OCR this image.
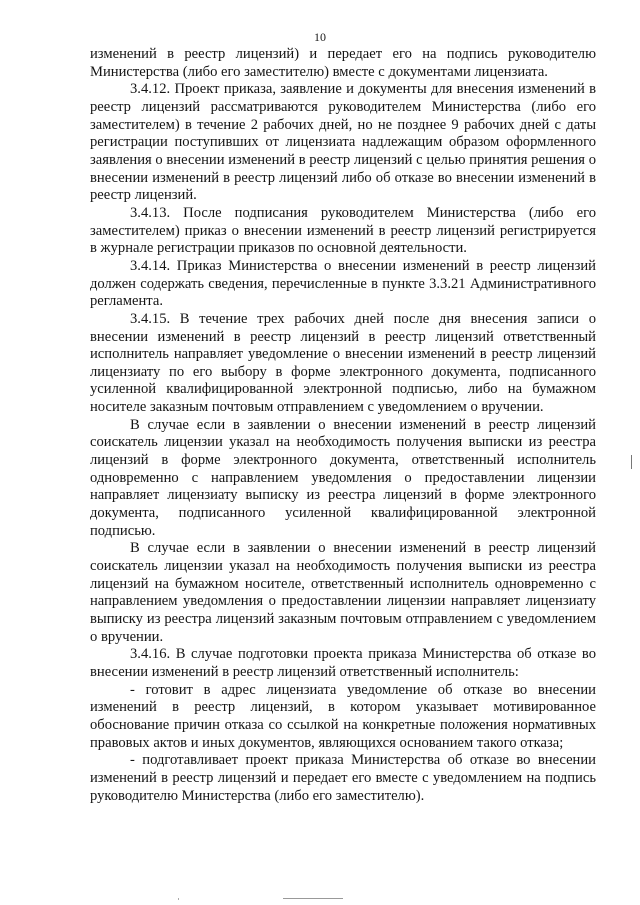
10

изменений в реестр лицензий) и передает его на подпись руководителю Министерства (либо его заместителю) вместе с документами лицензиата.

3.4.12. Проект приказа, заявление и документы для внесения изменений в реестр лицензий рассматриваются руководителем Министерства (либо его заместителем) в течение 2 рабочих дней, но не позднее 9 рабочих дней с даты регистрации поступивших от лицензиата надлежащим образом оформленного заявления о внесении изменений в реестр лицензий с целью принятия решения о внесении изменений в реестр лицензий либо об отказе во внесении изменений в реестр лицензий.

3.4.13. После подписания руководителем Министерства (либо его заместителем) приказ о внесении изменений в реестр лицензий регистрируется в журнале регистрации приказов по основной деятельности.

3.4.14. Приказ Министерства о внесении изменений в реестр лицензий должен содержать сведения, перечисленные в пункте 3.3.21 Административного регламента.

3.4.15. В течение трех рабочих дней после дня внесения записи о внесении изменений в реестр лицензий в реестр лицензий ответственный исполнитель направляет уведомление о внесении изменений в реестр лицензий лицензиату по его выбору в форме электронного документа, подписанного усиленной квалифицированной электронной подписью, либо на бумажном носителе заказным почтовым отправлением с уведомлением о вручении.

В случае если в заявлении о внесении изменений в реестр лицензий соискатель лицензии указал на необходимость получения выписки из реестра лицензий в форме электронного документа, ответственный исполнитель одновременно с направлением уведомления о предоставлении лицензии направляет лицензиату выписку из реестра лицензий в форме электронного документа, подписанного усиленной квалифицированной электронной подписью.

В случае если в заявлении о внесении изменений в реестр лицензий соискатель лицензии указал на необходимость получения выписки из реестра лицензий на бумажном носителе, ответственный исполнитель одновременно с направлением уведомления о предоставлении лицензии направляет лицензиату выписку из реестра лицензий заказным почтовым отправлением с уведомлением о вручении.

3.4.16. В случае подготовки проекта приказа Министерства об отказе во внесении изменений в реестр лицензий ответственный исполнитель:

- готовит в адрес лицензиата уведомление об отказе во внесении изменений в реестр лицензий, в котором указывает мотивированное обоснование причин отказа со ссылкой на конкретные положения нормативных правовых актов и иных документов, являющихся основанием такого отказа;

- подготавливает проект приказа Министерства об отказе во внесении изменений в реестр лицензий и передает его вместе с уведомлением на подпись руководителю Министерства (либо его заместителю).
